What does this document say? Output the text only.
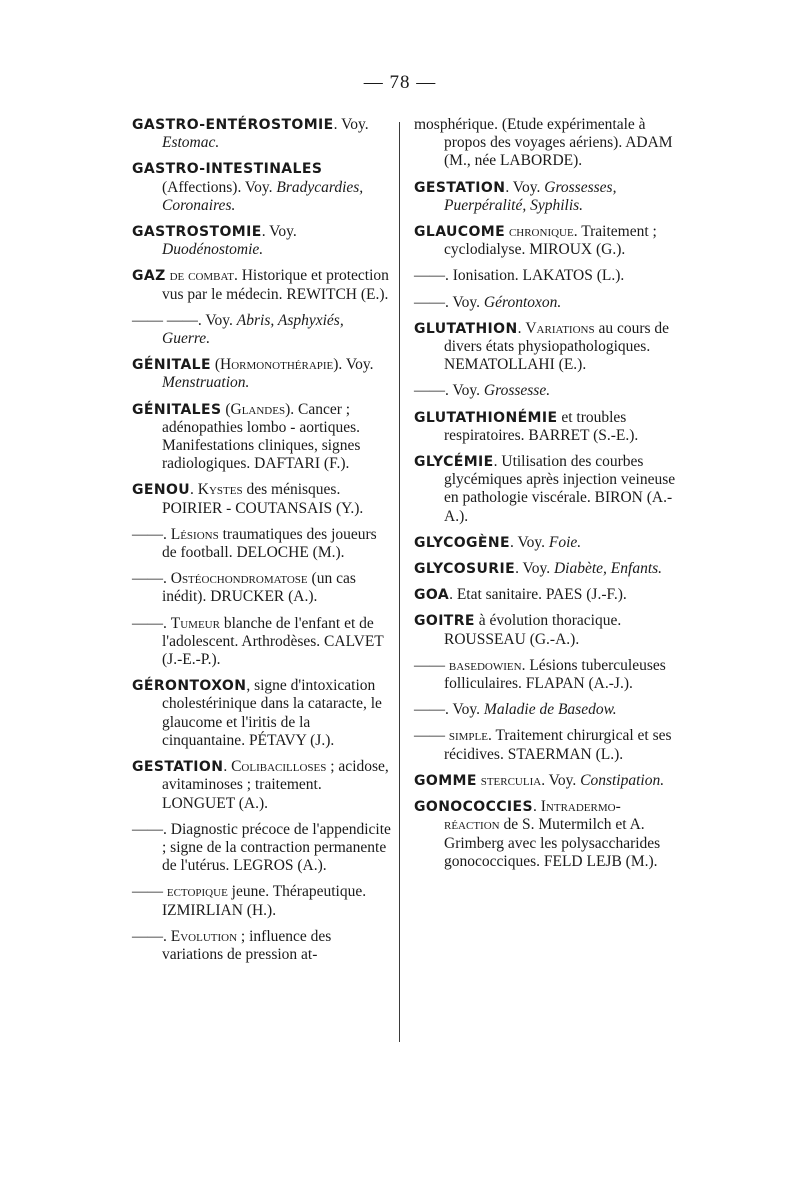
— 78 —

GASTRO-ENTÉROSTOMIE. Voy. Estomac.

GASTRO-INTESTINALES (Affections). Voy. Bradycardies, Coronaires.

GASTROSTOMIE. Voy. Duodénostomie.

GAZ de combat. Historique et protection vus par le médecin. REWITCH (E.).

—— ——. Voy. Abris, Asphyxiés, Guerre.

GÉNITALE (Hormonothérapie). Voy. Menstruation.

GÉNITALES (Glandes). Cancer ; adénopathies lombo - aortiques. Manifestations cliniques, signes radiologiques. DAFTARI (F.).

GENOU. Kystes des ménisques. POIRIER - COUTANSAIS (Y.).

——. Lésions traumatiques des joueurs de football. DELOCHE (M.).

——. Ostéochondromatose (un cas inédit). DRUCKER (A.).

——. Tumeur blanche de l'enfant et de l'adolescent. Arthrodèses. CALVET (J.-E.-P.).

GÉRONTOXON, signe d'intoxication cholestérinique dans la cataracte, le glaucome et l'iritis de la cinquantaine. PÉTAVY (J.).

GESTATION. Colibacilloses ; acidose, avitaminoses ; traitement. LONGUET (A.).

——. Diagnostic précoce de l'appendicite ; signe de la contraction permanente de l'utérus. LEGROS (A.).

—— ectopique jeune. Thérapeutique. IZMIRLIAN (H.).

——. Evolution ; influence des variations de pression at-

mosphérique. (Etude expérimentale à propos des voyages aériens). ADAM (M., née LABORDE).

GESTATION. Voy. Grossesses, Puerpéralité, Syphilis.

GLAUCOME chronique. Traitement ; cyclodialyse. MIROUX (G.).

——. Ionisation. LAKATOS (L.).

——. Voy. Gérontoxon.

GLUTATHION. Variations au cours de divers états physiopathologiques. NEMATOLLAHI (E.).

——. Voy. Grossesse.

GLUTATHIONÉMIE et troubles respiratoires. BARRET (S.-E.).

GLYCÉMIE. Utilisation des courbes glycémiques après injection veineuse en pathologie viscérale. BIRON (A.-A.).

GLYCOGÈNE. Voy. Foie.

GLYCOSURIE. Voy. Diabète, Enfants.

GOA. Etat sanitaire. PAES (J.-F.).

GOITRE à évolution thoracique. ROUSSEAU (G.-A.).

—— basedowien. Lésions tuberculeuses folliculaires. FLAPAN (A.-J.).

——. Voy. Maladie de Basedow.

—— simple. Traitement chirurgical et ses récidives. STAERMAN (L.).

GOMME sterculia. Voy. Constipation.

GONOCOCCIES. Intradermo-réaction de S. Mutermilch et A. Grimberg avec les polysaccharides gonococciques. FELD LEJB (M.).
